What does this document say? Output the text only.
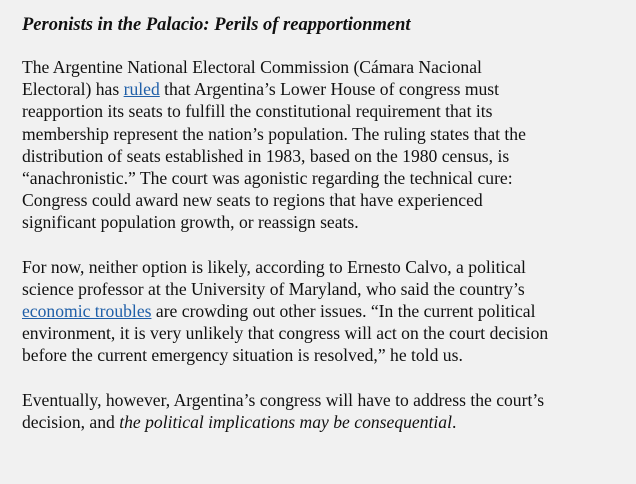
Peronists in the Palacio: Perils of reapportionment
The Argentine National Electoral Commission (Cámara Nacional
Electoral) has ruled that Argentina’s Lower House of congress must
reapportion its seats to fulfill the constitutional requirement that its
membership represent the nation’s population. The ruling states that the
distribution of seats established in 1983, based on the 1980 census, is
“anachronistic.” The court was agonistic regarding the technical cure:
Congress could award new seats to regions that have experienced
significant population growth, or reassign seats.
For now, neither option is likely, according to Ernesto Calvo, a political
science professor at the University of Maryland, who said the country’s
economic troubles are crowding out other issues. “In the current political
environment, it is very unlikely that congress will act on the court decision
before the current emergency situation is resolved,” he told us.
Eventually, however, Argentina’s congress will have to address the court’s
decision, and the political implications may be consequential.
